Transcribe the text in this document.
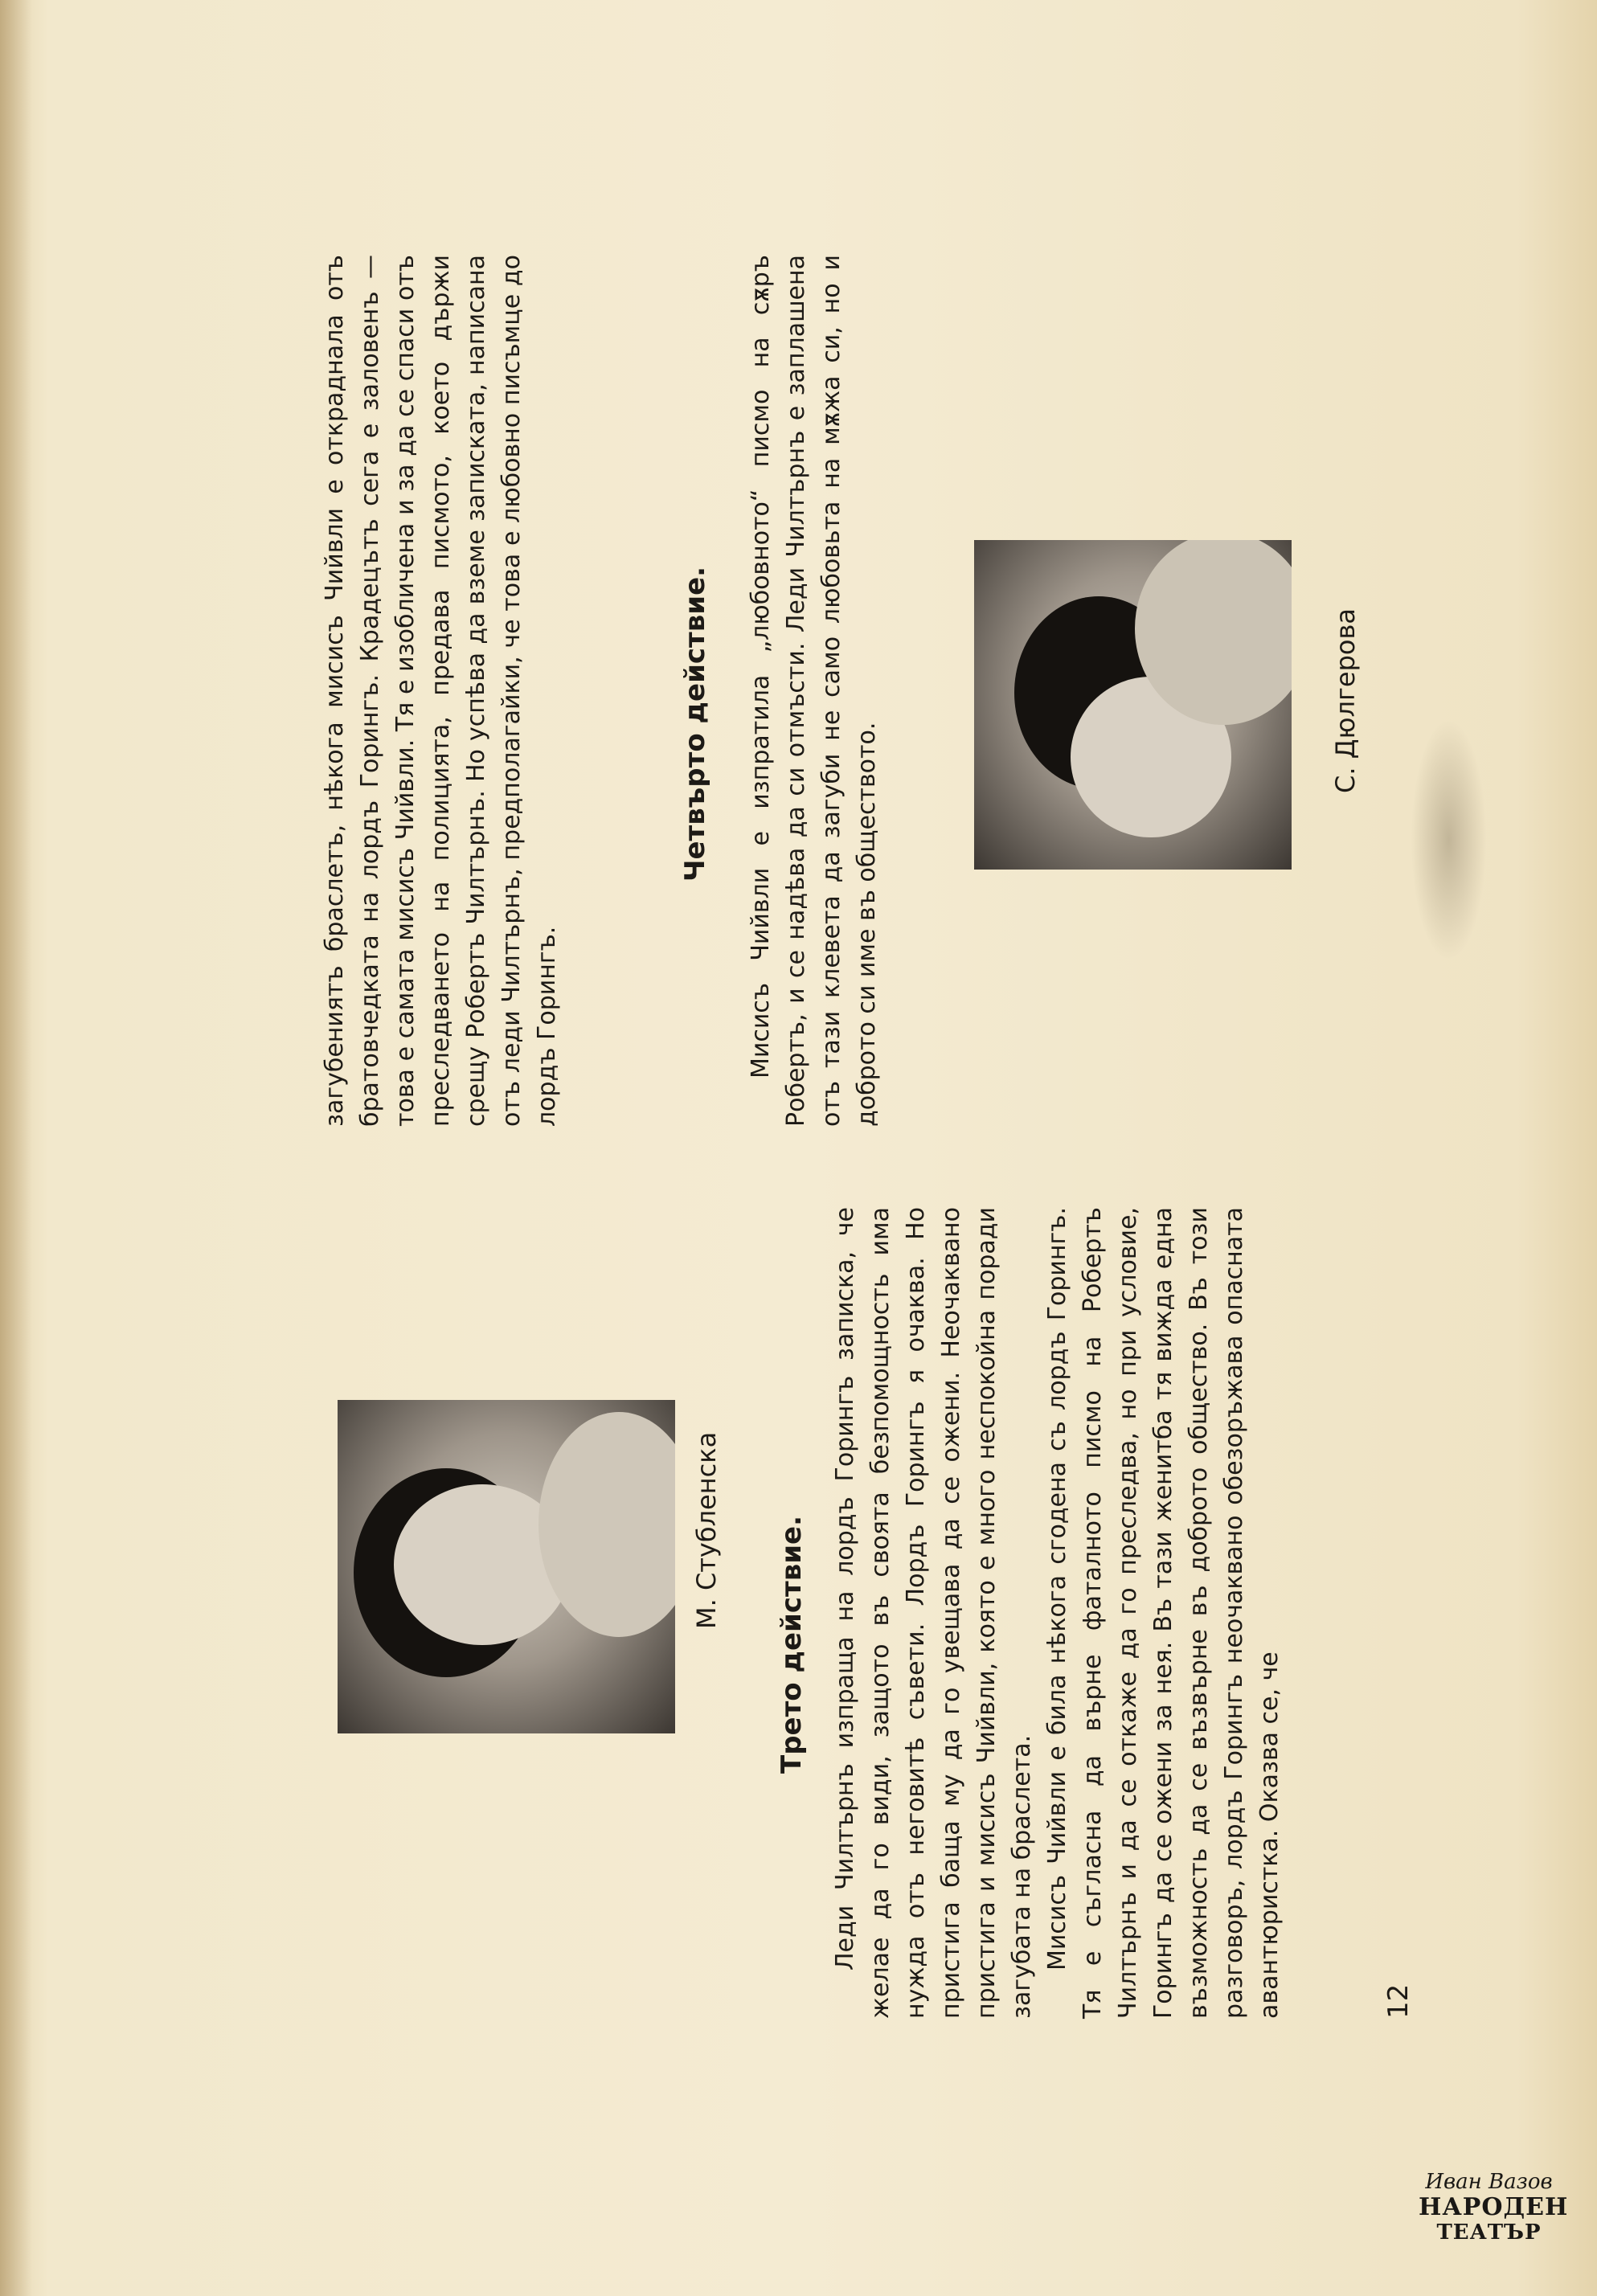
М. Стубленска
С. Дюлгерова
Трето действие. Леди Чилтърнъ изпраща на лордъ Горингъ записка, че желае да го види, защото въ своята безпомощность има нужда отъ неговитѣ съвети. Лордъ Горингъ я очаква. Но пристига баща му да го увещава да се ожени. Неочаквано пристига и мисисъ Чийвли, която е много неспокойна поради загубата на браслета. Мисисъ Чийвли е била нѣкога сгодена съ лордъ Горингъ. Тя е съгласна да върне фаталното писмо на Робертъ Чилтърнъ и да се откаже да го преследва, но при условие, Горингъ да се ожени за нея. Въ тази женитба тя вижда една възможность да се възвърне въ доброто общество. Въ този разговоръ, лордъ Горингъ неочаквано обезоръжава опасната авантюристка. Оказва се, че

загубениятъ браслетъ, нѣкога мисисъ Чийвли е откраднала отъ братовчедката на лордъ Горингъ. Крадецътъ сега е заловенъ — това е самата мисисъ Чийвли. Тя е изобличена и за да се спаси отъ преследването на полицията, предава писмото, което държи срещу Робертъ Чилтърнъ. Но успѣва да вземе записката, написана отъ леди Чилтърнъ, предполагайки, че това е любовно писъмце до лордъ Горингъ.

Четвърто действие. Мисисъ Чийвли е изпратила „любовното“ писмо на сѫръ Робертъ, и се надѣва да си отмъсти. Леди Чилтърнъ е заплашена отъ тази клевета да загуби не само любовьта на мѫжа си, но и доброто си име въ обществото.

12
Иван Вазов
НАРОДЕН
ТЕАТЪР
